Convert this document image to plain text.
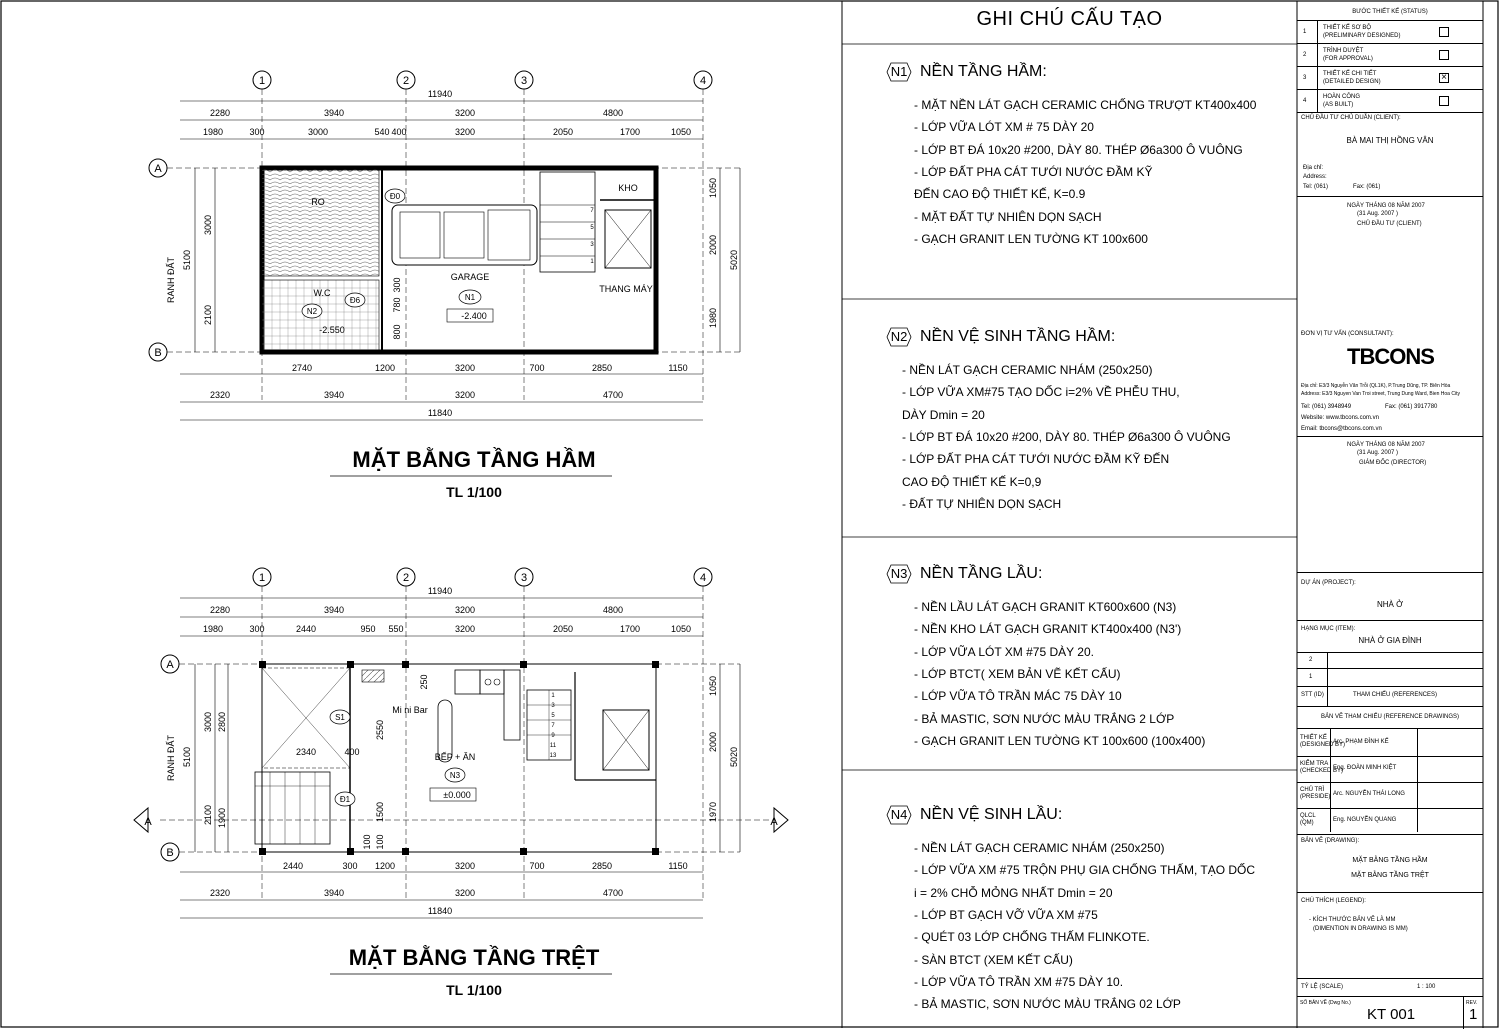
1	2	3	4
A
B
11940
2280	3940	3200	4800
1980	300	3000	540 400	3200	2050	1700	1050
2740	1200	3200	700	2850	1150
2320	3940	3200	4700
11840
5100
3000
2100
1050
2000
1980
5020
RANH ĐẤT	300
780
800
RO
W.C
GARAGE
KHO
THANG MÁY
N1
-2.400
N2
-2.550
Đ0
Đ6
7
5
3
1
MẶT BẰNG TẦNG HẦM
TL 1/100
1	2	3	4
A
B
11940
2280	3940	3200	4800
1980	300	2440	950 550	3200	2050	1700	1050
2440	300 1200	3200	700	2850	1150
2320	3940	3200	4700
11840
5100
3000
2100
2800
1900
1050
2000
1970
5020
RANH ĐẤT	2340	400
2550
250
1500
100 100
A	A
Mi ni Bar
BẾP + ĂN
N3
±0.000
S1
Đ1
1
3
5
7
9
11
13
MẶT BẰNG TẦNG TRỆT
TL 1/100
GHI CHÚ CẤU TẠO
N1 NỀN TẦNG HẦM:
- MẶT NỀN LÁT GẠCH CERAMIC CHỐNG TRƯỢT KT400x400
- LỚP VỮA LÓT XM # 75 DÀY 20
- LỚP BT ĐÁ 10x20 #200, DÀY 80. THÉP Ø6a300 Ô VUÔNG
- LỚP ĐẤT PHA CÁT TƯỚI NƯỚC ĐẦM KỸ
ĐẾN CAO ĐỘ THIẾT KẾ, K=0.9
- MẶT ĐẤT TỰ NHIÊN DỌN SẠCH
- GẠCH GRANIT LEN TƯỜNG KT 100x600
N2 NỀN VỆ SINH TẦNG HẦM:
- NỀN LÁT GẠCH CERAMIC NHÁM (250x250)
- LỚP VỮA XM#75 TẠO DỐC i=2% VỀ PHỄU THU,
DÀY Dmin = 20
- LỚP BT ĐÁ 10x20 #200, DÀY 80. THÉP Ø6a300 Ô VUÔNG
- LỚP ĐẤT PHA CÁT TƯỚI NƯỚC ĐẦM KỸ ĐẾN
CAO ĐỘ THIẾT KẾ K=0,9
- ĐẤT TỰ NHIÊN DỌN SẠCH
N3 NỀN TẦNG LẦU:
- NỀN LẦU LÁT GẠCH GRANIT KT600x600 (N3)
- NỀN KHO LÁT GẠCH GRANIT KT400x400 (N3')
- LỚP VỮA LÓT XM #75 DÀY 20.
- LỚP BTCT( XEM BẢN VẼ KẾT CẤU)
- LỚP VỮA TÔ TRẦN MÁC 75 DÀY 10
- BẢ MASTIC, SƠN NƯỚC MÀU TRẮNG 2 LỚP
- GẠCH GRANIT LEN TƯỜNG KT 100x600 (100x400)
N4 NỀN VỆ SINH LẦU:
- NỀN LÁT GẠCH CERAMIC NHÁM (250x250)
- LỚP VỮA XM #75 TRỘN PHỤ GIA CHỐNG THẤM, TẠO DỐC
i = 2% CHỖ MỎNG NHẤT Dmin = 20
- LỚP BT GẠCH VỠ VỮA XM #75
- QUÉT 03 LỚP CHỐNG THẤM FLINKOTE.
- SÀN BTCT (XEM KẾT CẤU)
- LỚP VỮA TÔ TRẦN XM #75 DÀY 10.
- BẢ MASTIC, SƠN NƯỚC MÀU TRẮNG 02 LỚP
BƯỚC THIẾT KẾ (STATUS)
1
THIẾT KẾ SƠ BỘ
(PRELIMINARY DESIGNED)
2
TRÌNH DUYỆT
(FOR APPROVAL)
3
THIẾT KẾ CHI TIẾT
(DETAILED DESIGN)	×
4
HOÀN CÔNG
(AS BUILT)
CHỦ ĐẦU TƯ CHỦ DUẪN (CLIENT):
BÀ MAI THỊ HỒNG VÂN
Địa chỉ:
Address:
Tel: (061)	Fax: (061)
NGÀY THÁNG 08 NĂM 2007
(31 Aug. 2007 )
CHỦ ĐẦU TƯ (CLIENT)
ĐƠN VỊ TƯ VẤN (CONSULTANT):
TBCONS
Địa chỉ: E3/3 Nguyễn Văn Trỗi (QL1K), P.Trung Dũng, TP. Biên Hòa
Address: E3/3 Nguyen Van Troi street, Trung Dung Ward, Bien Hoa City
Tel: (061) 3948949	Fax: (061) 3917780
Website: www.tbcons.com.vn
Email: tbcons@tbcons.com.vn
NGÀY THÁNG 08 NĂM 2007
(31 Aug. 2007 )
GIÁM ĐỐC (DIRECTOR)
DỰ ÁN (PROJECT):
NHÀ Ở
HẠNG MỤC (ITEM):
NHÀ Ở GIA ĐÌNH
2
1
STT (ID)	THAM CHIẾU (REFERENCES)
BẢN VẼ THAM CHIẾU (REFERENCE DRAWINGS)
THIẾT KẾ
(DESIGNED BY)
Arc. PHẠM ĐÌNH KẾ
KIỂM TRA
(CHECKED BY)
Eng. ĐOÀN MINH KIỆT
CHỦ TRÌ
(PRESIDE) Arc. NGUYỄN THÁI LONG
QLCL
(QM)	Eng. NGUYỄN QUANG
BẢN VẼ (DRAWING):
MẶT BẰNG TẦNG HẦM
MẶT BẰNG TẦNG TRỆT
CHÚ THÍCH (LEGEND):
- KÍCH THƯỚC BẢN VẼ LÀ MM
(DIMENTION IN DRAWING IS MM)
TỶ LỆ (SCALE)	1 : 100
SỐ BẢN VẼ (Dwg No.)
KT 001
REV.
1
